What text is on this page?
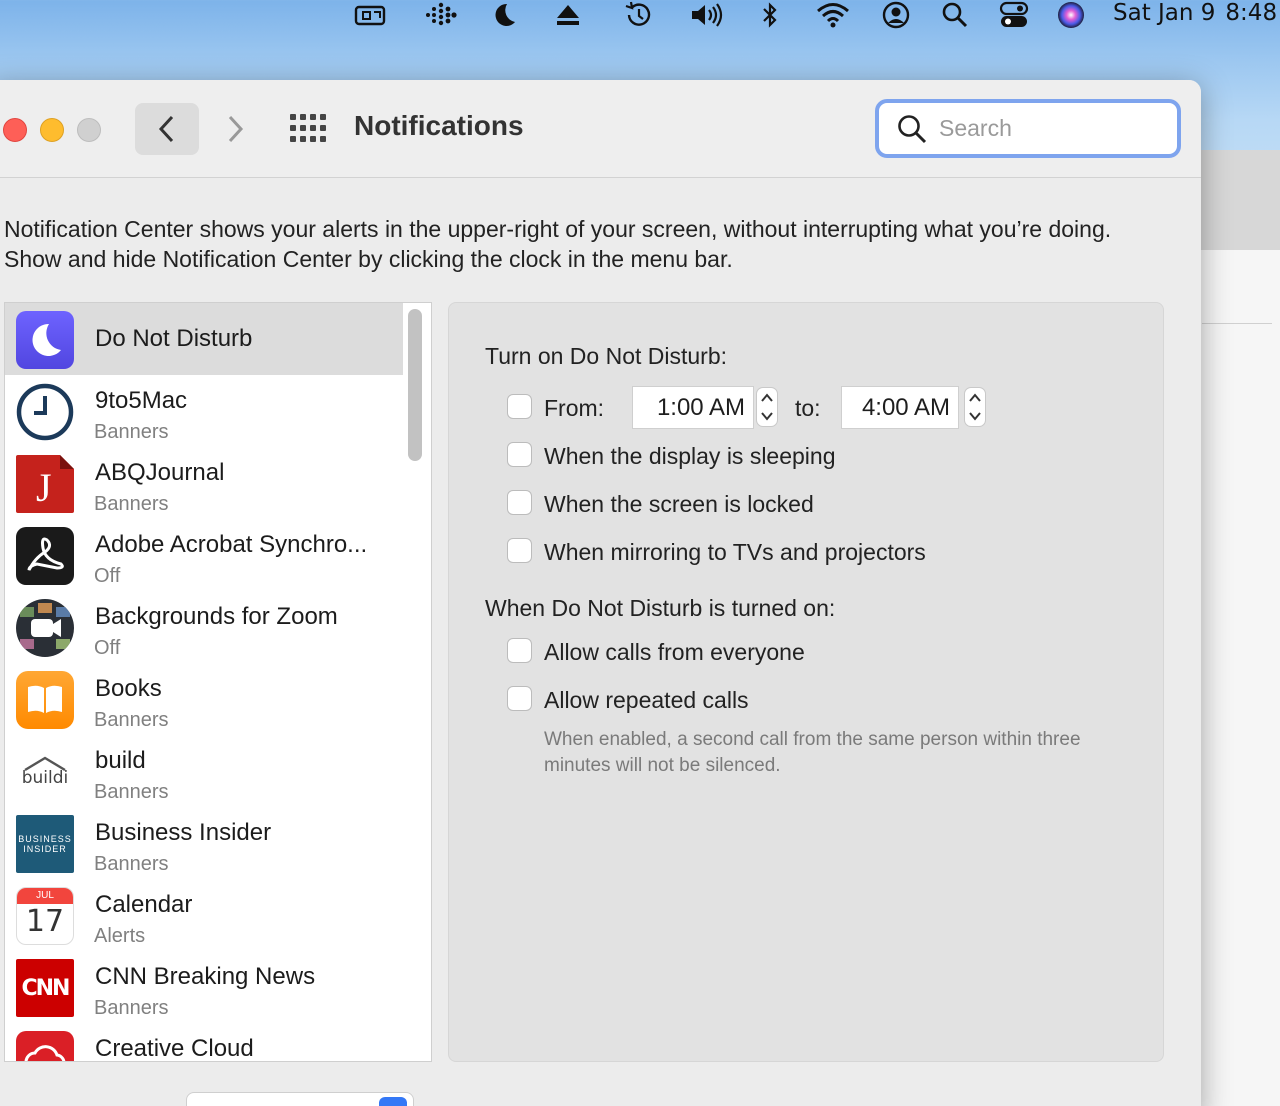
Sat Jan 9 8:48
Notifications
Search
Notification Center shows your alerts in the upper-right of your screen, without interrupting what you’re doing. Show and hide Notification Center by clicking the clock in the menu bar.
Do Not Disturb
9to5Mac
Banners
J ABQJournal
Banners
Adobe Acrobat Synchro...
Off
Backgrounds for Zoom
Off
Books
Banners
buildi
build
Banners
BUSINESS
INSIDER
Business Insider
Banners
JUL
17 Calendar
Alerts
CNN CNN Breaking News
Banners
Creative Cloud
Turn on Do Not Disturb:
From:	1:00 AM	to:	4:00 AM
When the display is sleeping
When the screen is locked
When mirroring to TVs and projectors
When Do Not Disturb is turned on:
Allow calls from everyone
Allow repeated calls
When enabled, a second call from the same person within three minutes will not be silenced.
